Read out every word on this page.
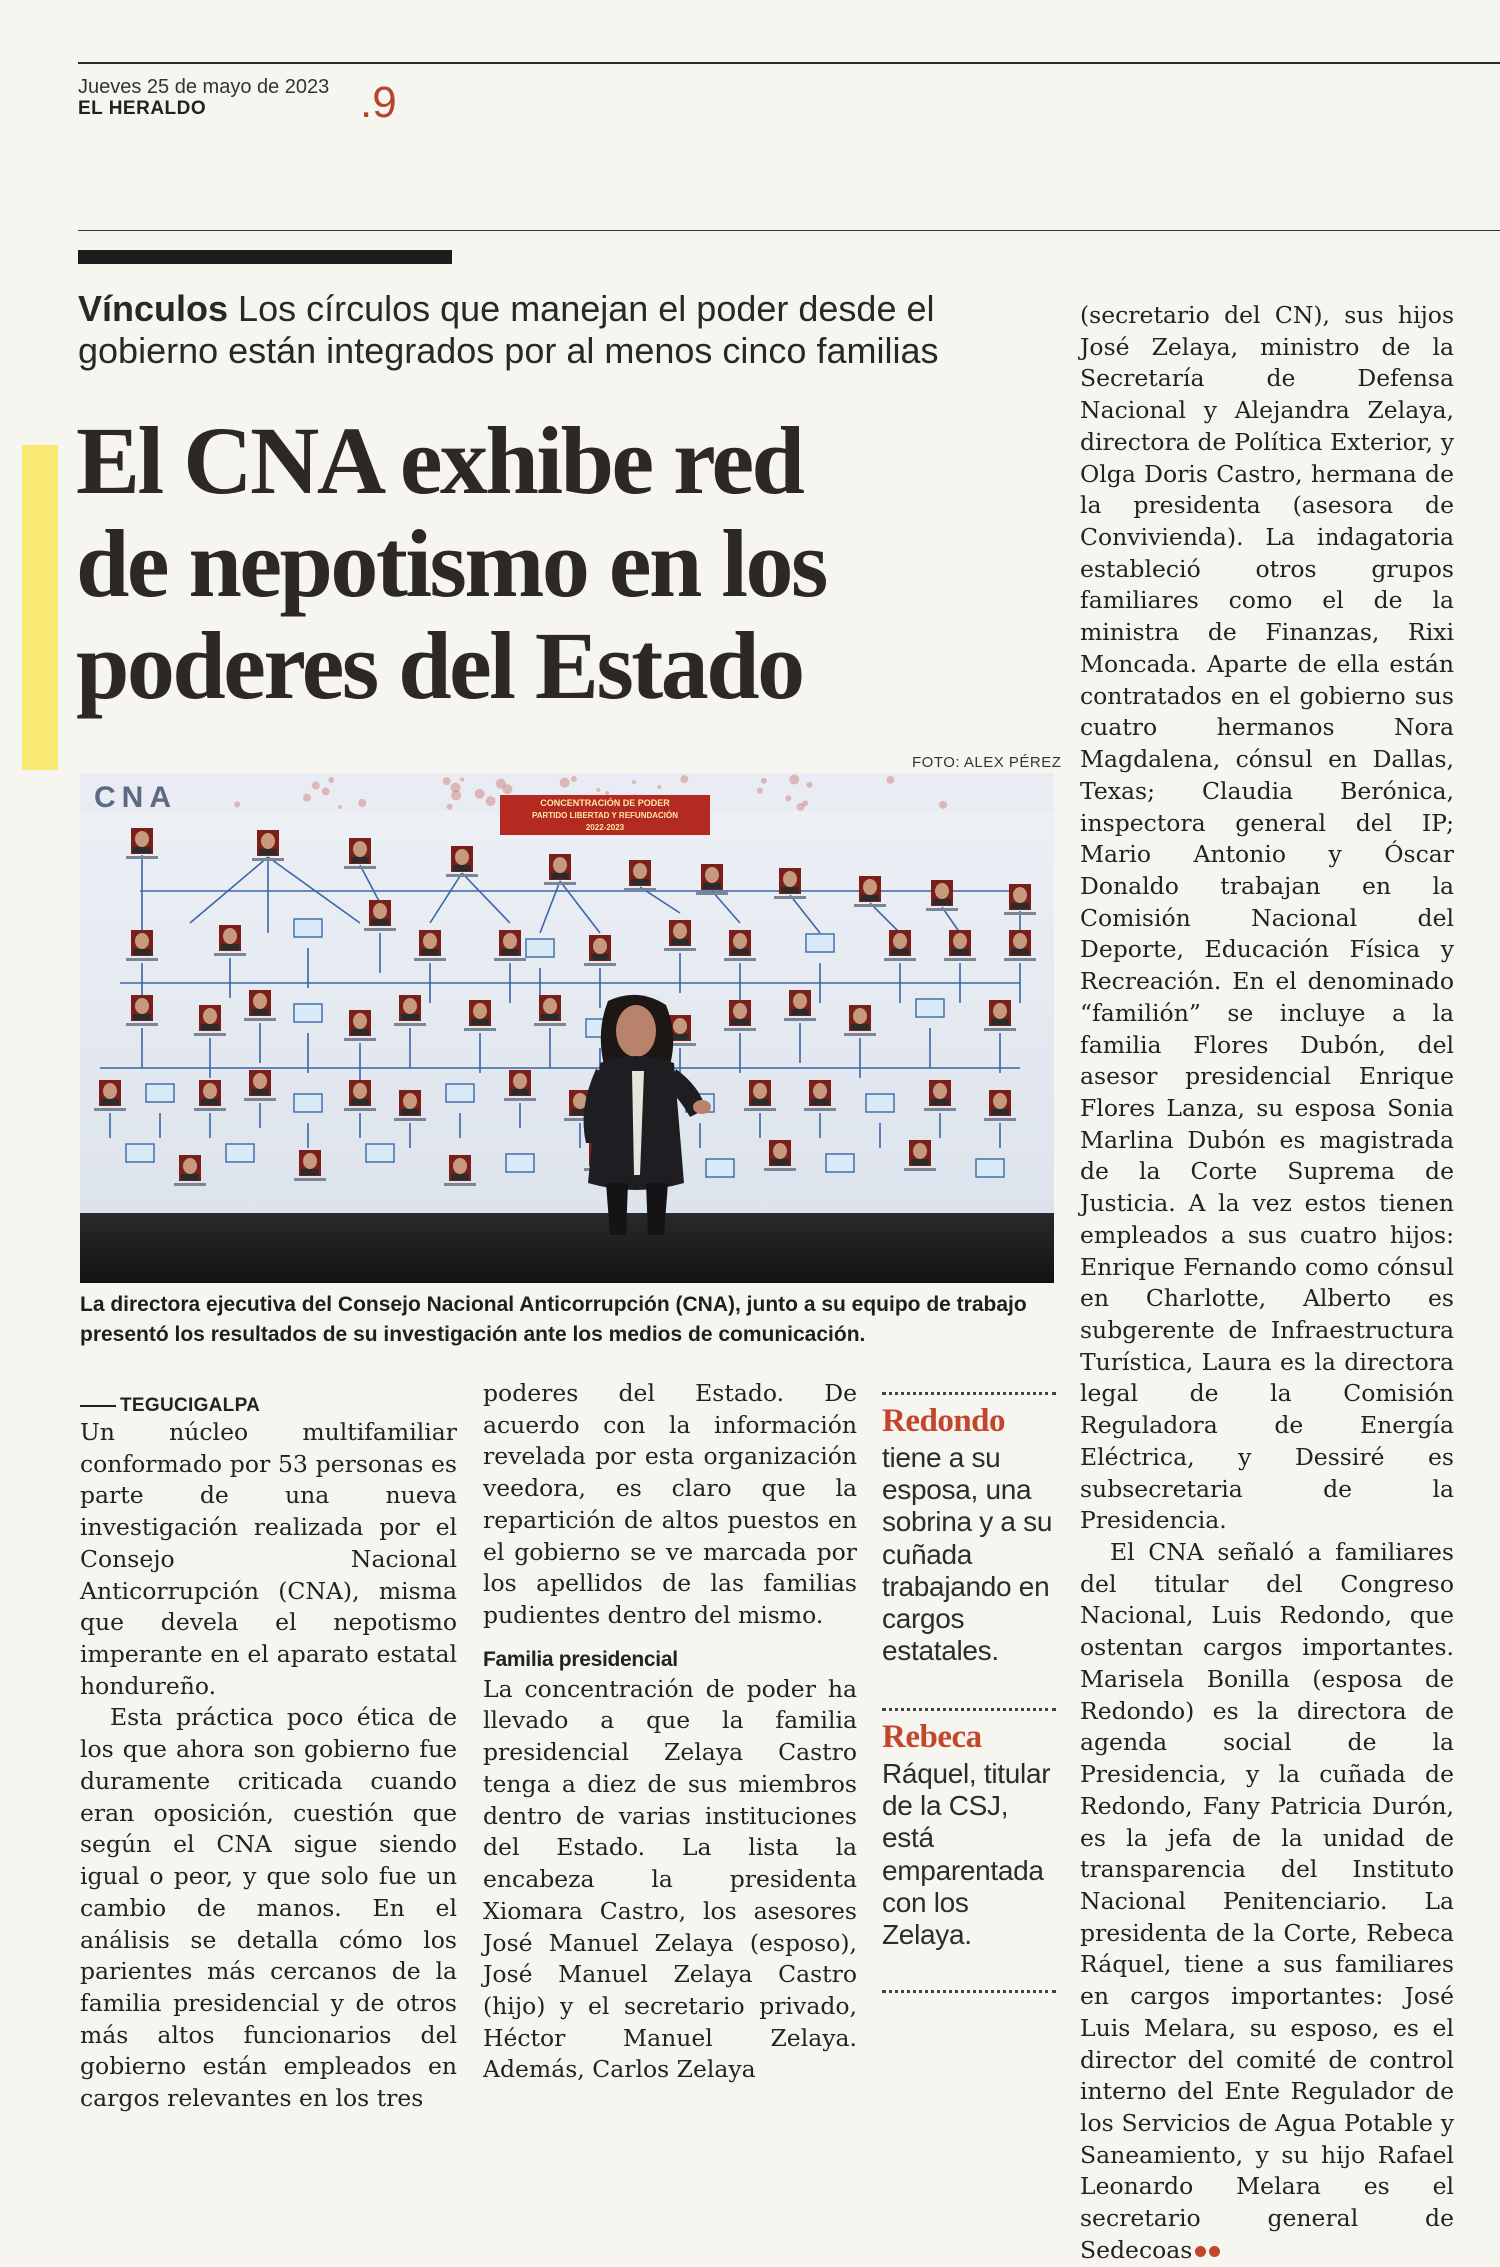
Jueves 25 de mayo de 2023
EL HERALDO	.9
Vínculos Los círculos que manejan el poder desde el gobierno están integrados por al menos cinco familias
El CNA exhibe red
de nepotismo en los
poderes del Estado
FOTO: ALEX PÉREZ
CNA	CONCENTRACIÓN DE PODER
PARTIDO LIBERTAD Y REFUNDACIÓN
2022-2023
La directora ejecutiva del Consejo Nacional Anticorrupción (CNA), junto a su equipo de trabajo presentó los resultados de su investigación ante los medios de comunicación.
TEGUCIGALPA

Un núcleo multifamiliar conformado por 53 personas es parte de una nueva investigación realizada por el Consejo Nacional Anticorrupción (CNA), misma que devela el nepotismo imperante en el aparato estatal hondureño.

Esta práctica poco ética de los que ahora son gobierno fue duramente criticada cuando eran oposición, cuestión que según el CNA sigue siendo igual o peor, y que solo fue un cambio de manos. En el análisis se detalla cómo los parientes más cercanos de la familia presidencial y de otros más altos funcionarios del gobierno están empleados en cargos relevantes en los tres

poderes del Estado. De acuerdo con la información revelada por esta organización veedora, es claro que la repartición de altos puestos en el gobierno se ve marcada por los apellidos de las familias pudientes dentro del mismo.

Familia presidencial

La concentración de poder ha llevado a que la familia presidencial Zelaya Castro tenga a diez de sus miembros dentro de varias instituciones del Estado. La lista la encabeza la presidenta Xiomara Castro, los asesores José Manuel Zelaya (esposo), José Manuel Zelaya Castro (hijo) y el secretario privado, Héctor Manuel Zelaya. Además, Carlos Zelaya

Redondo
tiene a su esposa, una sobrina y a su cuñada trabajando en cargos estatales.
Rebeca
Ráquel, titular de la CSJ, está emparentada con los Zelaya.

(secretario del CN), sus hijos José Zelaya, ministro de la Secretaría de Defensa Nacional y Alejandra Zelaya, directora de Política Exterior, y Olga Doris Castro, hermana de la presidenta (asesora de Convivienda). La indagatoria estableció otros grupos familiares como el de la ministra de Finanzas, Rixi Moncada. Aparte de ella están contratados en el gobierno sus cuatro hermanos Nora Magdalena, cónsul en Dallas, Texas; Claudia Berónica, inspectora general del IP; Mario Antonio y Óscar Donaldo trabajan en la Comisión Nacional del Deporte, Educación Física y Recreación. En el denominado “familión” se incluye a la familia Flores Dubón, del asesor presidencial Enrique Flores Lanza, su esposa Sonia Marlina Dubón es magistrada de la Corte Suprema de Justicia. A la vez estos tienen empleados a sus cuatro hijos: Enrique Fernando como cónsul en Charlotte, Alberto es subgerente de Infraestructura Turística, Laura es la directora legal de la Comisión Reguladora de Energía Eléctrica, y Dessiré es subsecretaria de la Presidencia.

El CNA señaló a familiares del titular del Congreso Nacional, Luis Redondo, que ostentan cargos importantes. Marisela Bonilla (esposa de Redondo) es la directora de agenda social de la Presidencia, y la cuñada de Redondo, Fany Patricia Durón, es la jefa de la unidad de transparencia del Instituto Nacional Penitenciario. La presidenta de la Corte, Rebeca Ráquel, tiene a sus familiares en cargos importantes: José Luis Melara, su esposo, es el director del comité de control interno del Ente Regulador de los Servicios de Agua Potable y Saneamiento, y su hijo Rafael Leonardo Melara es el secretario general de Sedecoas
